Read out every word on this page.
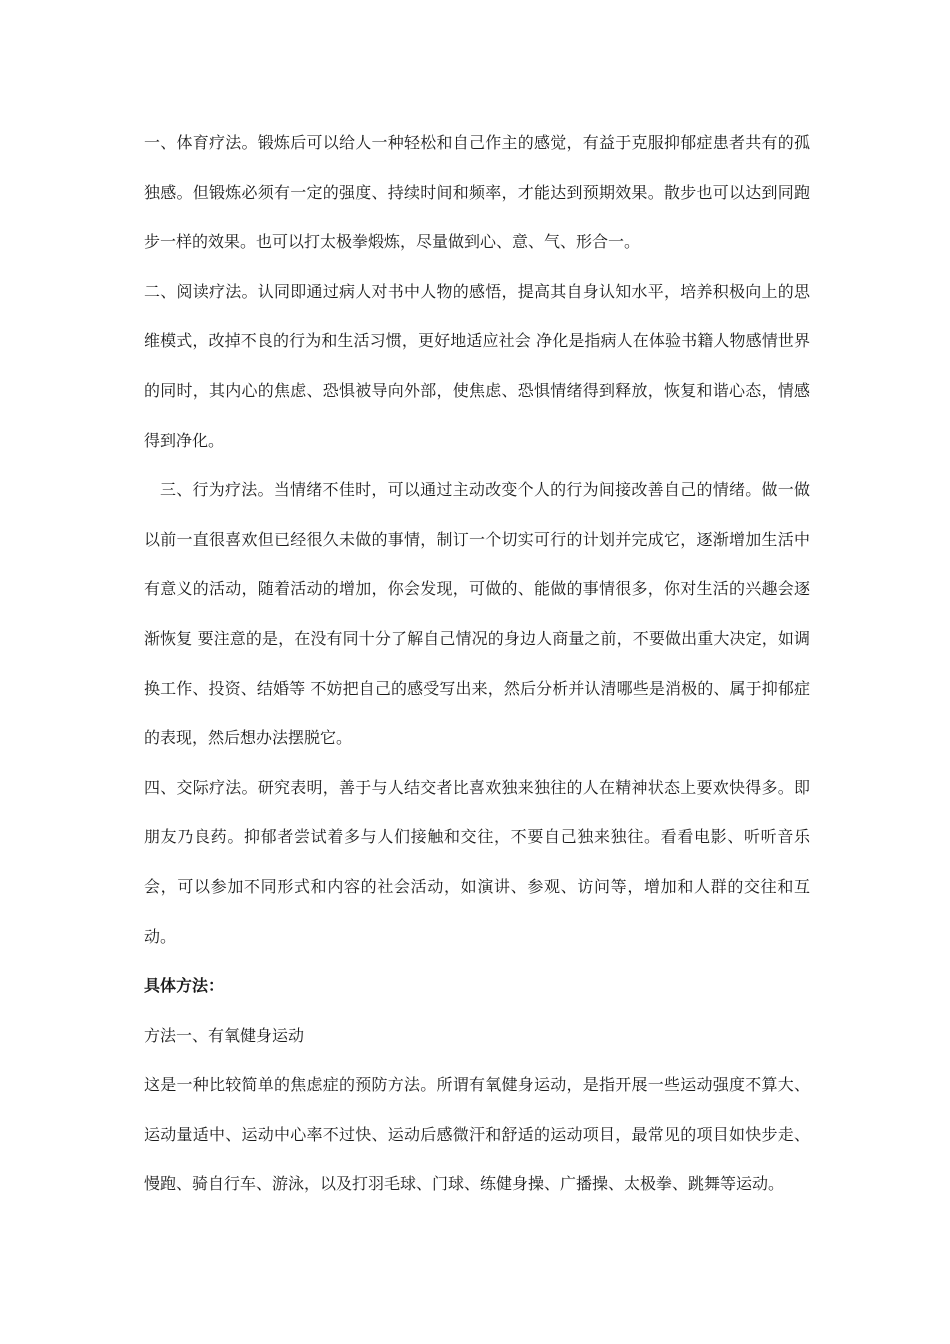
一、体育疗法。锻炼后可以给人一种轻松和自己作主的感觉，有益于克服抑郁症患者共有的孤独感。但锻炼必须有一定的强度、持续时间和频率，才能达到预期效果。散步也可以达到同跑步一样的效果。也可以打太极拳煅炼，尽量做到心、意、气、形合一。

二、阅读疗法。认同即通过病人对书中人物的感悟，提高其自身认知水平，培养积极向上的思维模式，改掉不良的行为和生活习惯，更好地适应社会 净化是指病人在体验书籍人物感情世界的同时，其内心的焦虑、恐惧被导向外部，使焦虑、恐惧情绪得到释放，恢复和谐心态，情感得到净化。

三、行为疗法。当情绪不佳时，可以通过主动改变个人的行为间接改善自己的情绪。做一做以前一直很喜欢但已经很久未做的事情，制订一个切实可行的计划并完成它，逐渐增加生活中有意义的活动，随着活动的增加，你会发现，可做的、能做的事情很多，你对生活的兴趣会逐渐恢复 要注意的是，在没有同十分了解自己情况的身边人商量之前，不要做出重大决定，如调换工作、投资、结婚等 不妨把自己的感受写出来，然后分析并认清哪些是消极的、属于抑郁症的表现，然后想办法摆脱它。

四、交际疗法。研究表明，善于与人结交者比喜欢独来独往的人在精神状态上要欢快得多。即朋友乃良药。抑郁者尝试着多与人们接触和交往，不要自己独来独往。看看电影、听听音乐会，可以参加不同形式和内容的社会活动，如演讲、参观、访问等，增加和人群的交往和互动。

具体方法：

方法一、有氧健身运动

这是一种比较简单的焦虑症的预防方法。所谓有氧健身运动，是指开展一些运动强度不算大、运动量适中、运动中心率不过快、运动后感微汗和舒适的运动项目，最常见的项目如快步走、慢跑、骑自行车、游泳，以及打羽毛球、门球、练健身操、广播操、太极拳、跳舞等运动。
